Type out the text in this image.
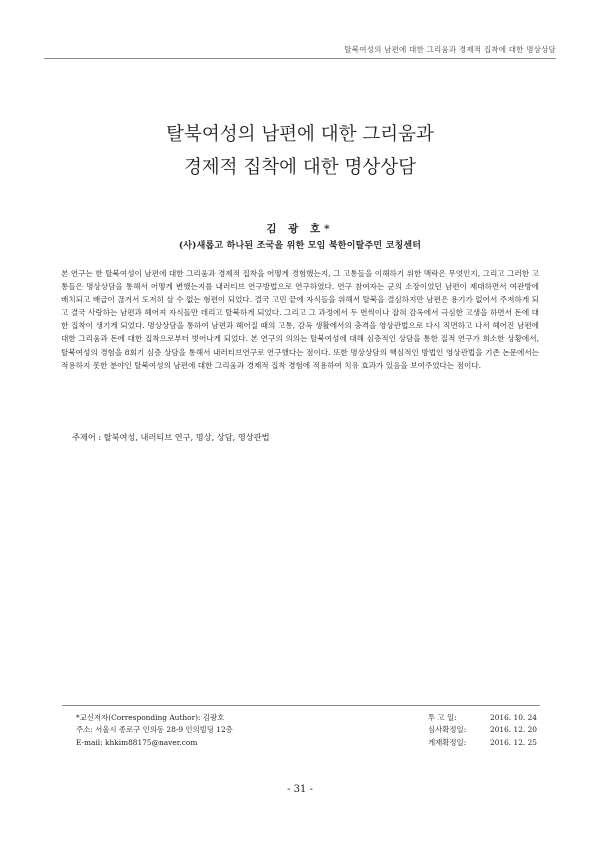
탈북여성의 남편에 대한 그리움과 경제적 집착에 대한 명상상담
탈북여성의 남편에 대한 그리움과
경제적 집착에 대한 명상상담
김 광 호*
(사)새롭고 하나된 조국을 위한 모임 북한이탈주민 코칭센터

본 연구는 한 탈북여성이 남편에 대한 그리움과 경제적 집착을 어떻게 경험했는지, 그 고통들을 이해하기 위한 맥락은 무엇인지, 그리고 그러한 고통들은 명상상담을 통해서 어떻게 변했는지를 내러티브 연구방법으로 연구하였다. 연구 참여자는 군의 소장이었던 남편이 제대하면서 여관방에 배치되고 배급이 끊겨서 도저히 살 수 없는 형편이 되었다. 결국 고민 끝에 자식들을 위해서 탈북을 결심하지만 남편은 용기가 없어서 주저하게 되고 결국 사랑하는 남편과 헤어져 자식들만 데리고 탈북하게 되었다. 그리고 그 과정에서 두 번씩이나 잡혀 감옥에서 극심한 고생을 하면서 돈에 대한 집착이 생기게 되었다. 명상상담을 통하여 남편과 헤어질 때의 고통, 감옥 생활에서의 충격을 영상관법으로 다시 직면하고 나서 헤어진 남편에 대한 그리움과 돈에 대한 집착으로부터 벗어나게 되었다. 본 연구의 의의는 탈북여성에 대해 심층적인 상담을 통한 질적 연구가 희소한 상황에서, 탈북여성의 경험을 8회기 심층 상담을 통해서 내러티브연구로 연구했다는 점이다. 또한 명상상담의 핵심적인 방법인 영상관법을 기존 논문에서는 적용하지 못한 분야인 탈북여성의 남편에 대한 그리움과 경제적 집착 경험에 적용하여 치유 효과가 있음을 보여주었다는 점이다.

주제어 : 탈북여성, 내러티브 연구, 명상, 상담, 영상관법
*교신저자(Corresponding Author): 김광호
주소: 서울시 종로구 인의동 28-9 인의빌딩 12층
E-mail: khkim88175@naver.com
투 고 일:	2016. 10. 24
심사확정일:	2016. 12. 20
게재확정일:	2016. 12. 25
- 31 -
